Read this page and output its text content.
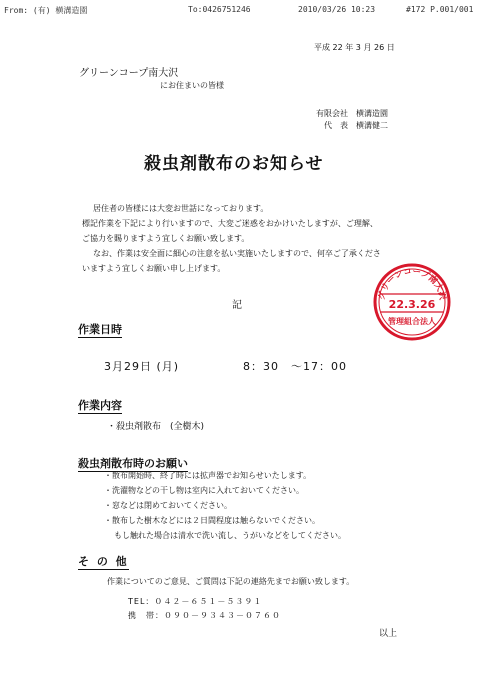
From: (有) 横溝造園	To:0426751246	2010/03/26 10:23	#172 P.001/001
平成 22 年 3 月 26 日
グリーンコープ南大沢
にお住まいの皆様
有限会社　横溝造園
代　表　横溝健二
殺虫剤散布のお知らせ
居住者の皆様には大変お世話になっております。
標記作業を下記により行いますので、大変ご迷惑をおかけいたしますが、ご理解、
ご協力を賜りますよう宜しくお願い致します。
なお、作業は安全面に細心の注意を払い実施いたしますので、何卒ご了承くださ
いますよう宜しくお願い申し上げます。
記
作業日時
3月29日 (月)	8：30　～17：00
作業内容
・殺虫剤散布　(全樹木)
殺虫剤散布時のお願い
・散布開始時、終了時には拡声器でお知らせいたします。
・洗濯物などの干し物は室内に入れておいてください。
・窓などは閉めておいてください。
・散布した樹木などには２日間程度は触らないでください。
もし触れた場合は清水で洗い流し、うがいなどをしてください。
そ の 他
作業についてのご意見、ご質問は下記の連絡先までお願い致します。
TEL：０４２－６５１－５３９１
携　帯：０９０－９３４３－０７６０
以上
グリーンコープ南大沢
22.3.26
管理組合法人
